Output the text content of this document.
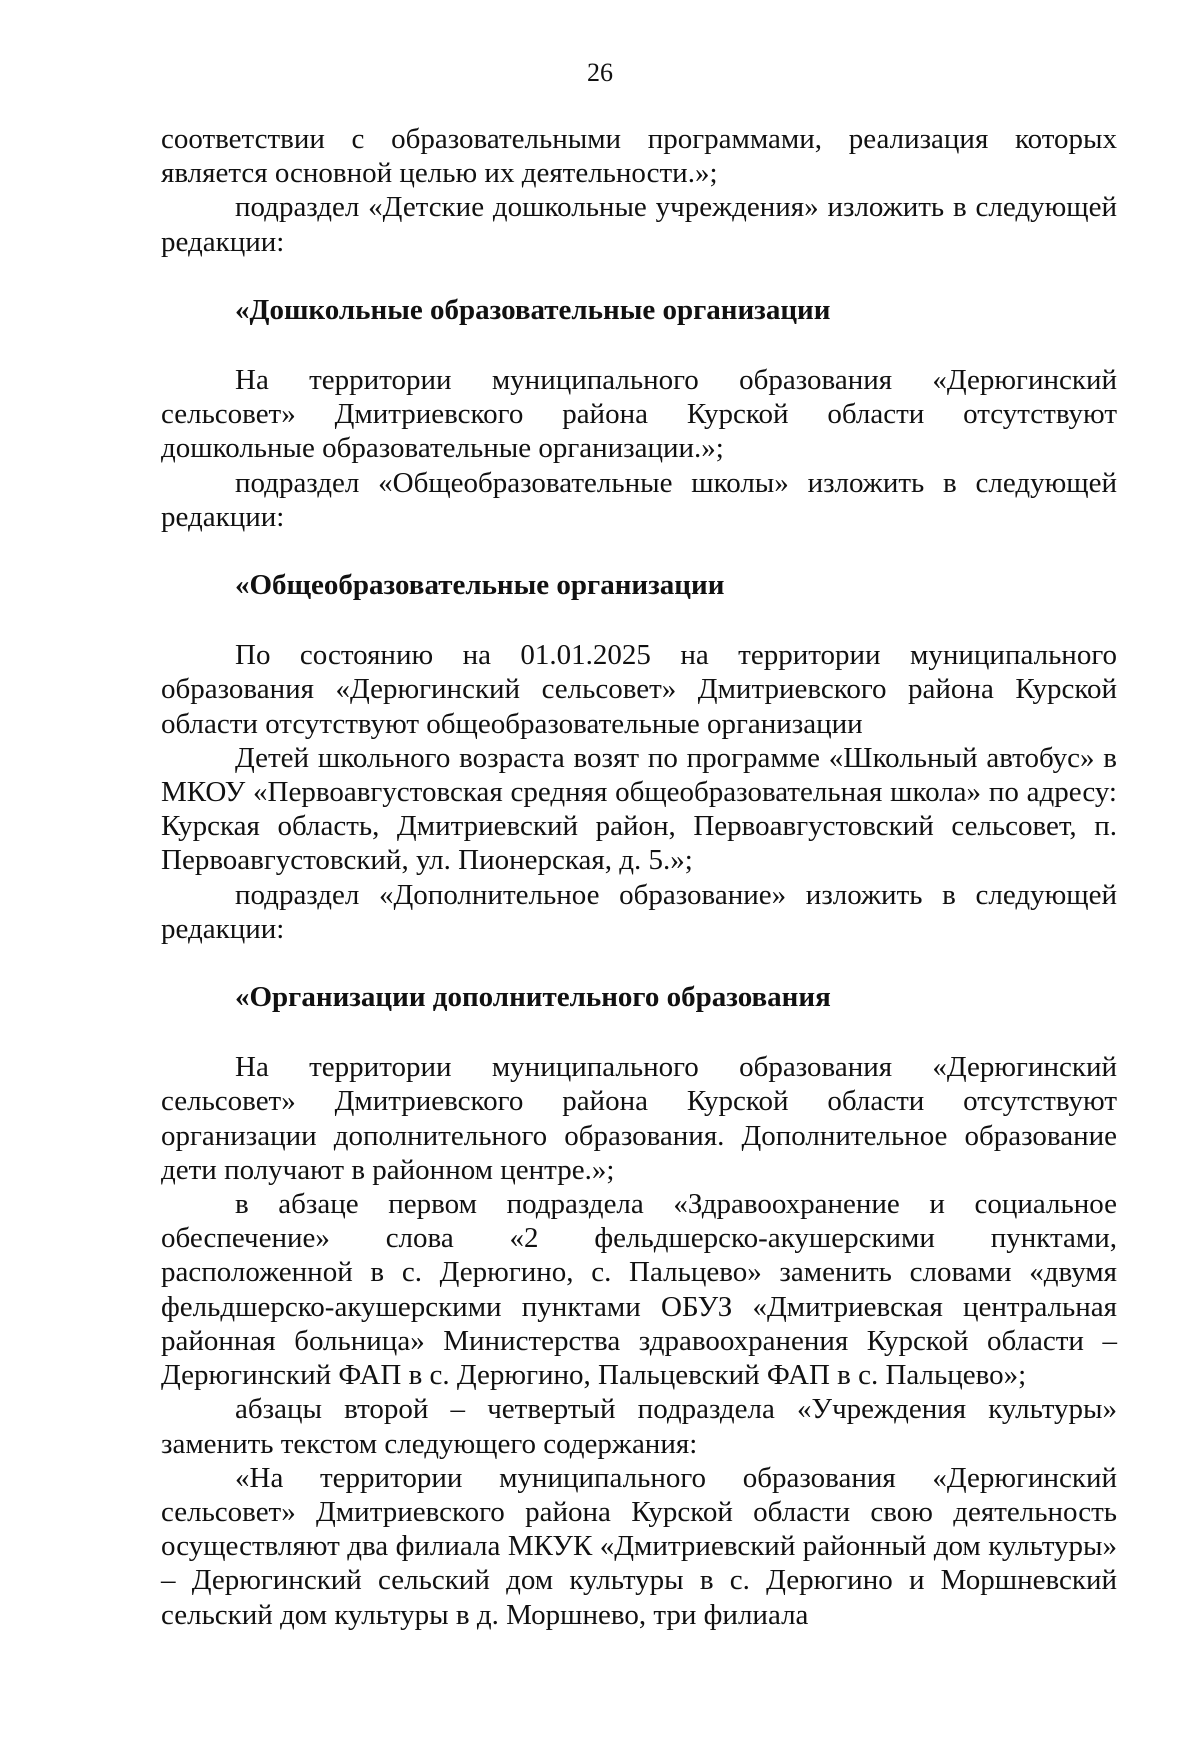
26

соответствии с образовательными программами, реализация которых является основной целью их деятельности.»;

подраздел «Детские дошкольные учреждения» изложить в следующей редакции:

«Дошкольные образовательные организации

На территории муниципального образования «Дерюгинский сельсовет» Дмитриевского района Курской области отсутствуют дошкольные образовательные организации.»;

подраздел «Общеобразовательные школы» изложить в следующей редакции:

«Общеобразовательные организации

По состоянию на 01.01.2025 на территории муниципального образования «Дерюгинский сельсовет» Дмитриевского района Курской области отсутствуют общеобразовательные организации

Детей школьного возраста возят по программе «Школьный автобус» в МКОУ «Первоавгустовская средняя общеобразовательная школа» по адресу: Курская область, Дмитриевский район, Первоавгустовский сельсовет, п. Первоавгустовский, ул. Пионерская, д. 5.»;

подраздел «Дополнительное образование» изложить в следующей редакции:

«Организации дополнительного образования

На территории муниципального образования «Дерюгинский сельсовет» Дмитриевского района Курской области отсутствуют организации дополнительного образования. Дополнительное образование дети получают в районном центре.»;

в абзаце первом подраздела «Здравоохранение и социальное обеспечение» слова «2 фельдшерско-акушерскими пунктами, расположенной в с. Дерюгино, с. Пальцево» заменить словами «двумя фельдшерско-акушерскими пунктами ОБУЗ «Дмитриевская центральная районная больница» Министерства здравоохранения Курской области – Дерюгинский ФАП в с. Дерюгино, Пальцевский ФАП в с. Пальцево»;

абзацы второй – четвертый подраздела «Учреждения культуры» заменить текстом следующего содержания:

«На территории муниципального образования «Дерюгинский сельсовет» Дмитриевского района Курской области свою деятельность осуществляют два филиала МКУК «Дмитриевский районный дом культуры» – Дерюгинский сельский дом культуры в с. Дерюгино и Моршневский сельский дом культуры в д. Моршнево, три филиала
